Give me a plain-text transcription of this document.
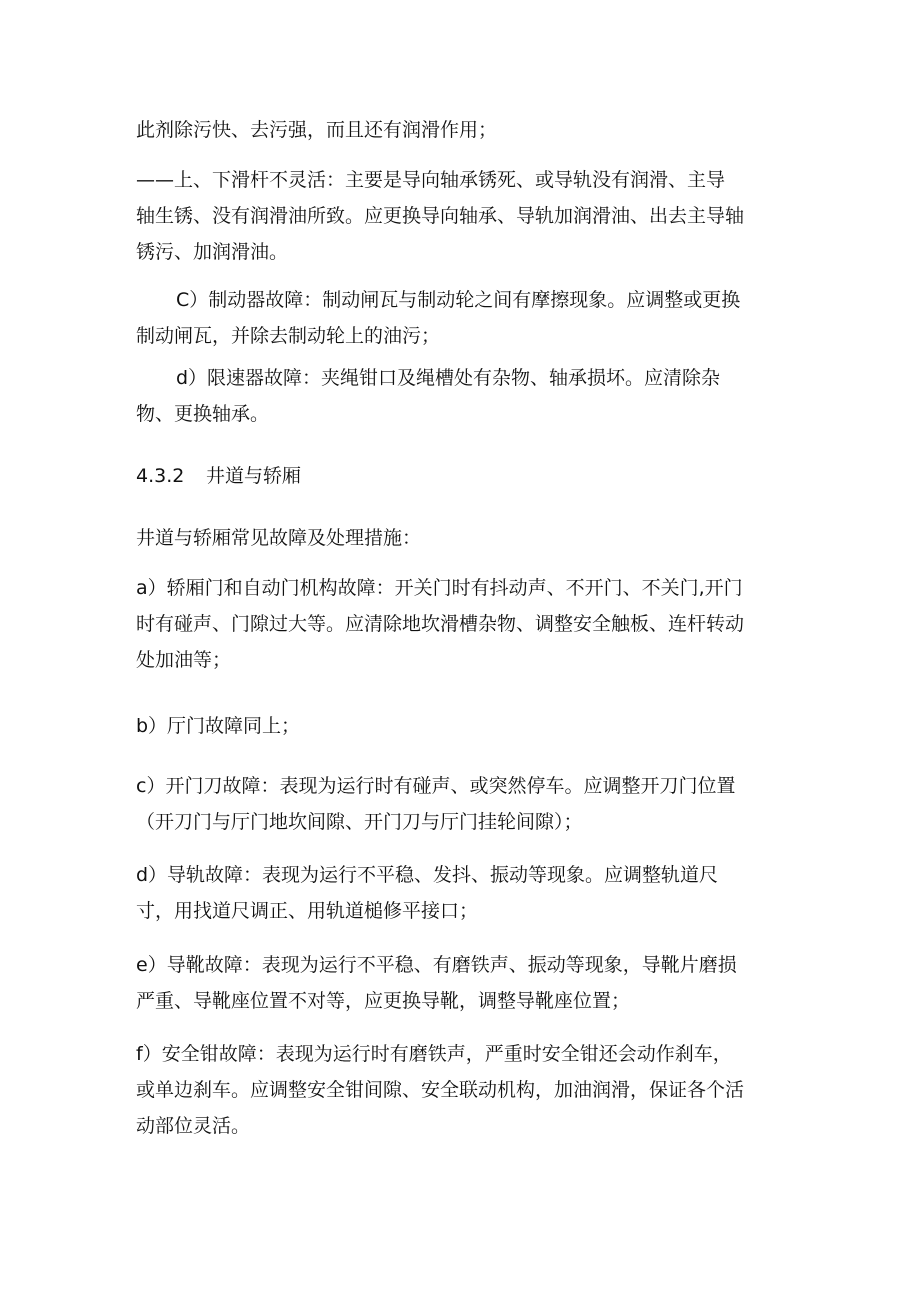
此剂除污快、去污强，而且还有润滑作用；

——上、下滑杆不灵活：主要是导向轴承锈死、或导轨没有润滑、主导
轴生锈、没有润滑油所致。应更换导向轴承、导轨加润滑油、出去主导轴
锈污、加润滑油。

C）制动器故障：制动闸瓦与制动轮之间有摩擦现象。应调整或更换
制动闸瓦，并除去制动轮上的油污；

d）限速器故障：夹绳钳口及绳槽处有杂物、轴承损坏。应清除杂
物、更换轴承。

4.3.2 井道与轿厢

井道与轿厢常见故障及处理措施：

a）轿厢门和自动门机构故障：开关门时有抖动声、不开门、不关门,开门
时有碰声、门隙过大等。应清除地坎滑槽杂物、调整安全触板、连杆转动
处加油等；

b）厅门故障同上；

c）开门刀故障：表现为运行时有碰声、或突然停车。应调整开刀门位置
（开刀门与厅门地坎间隙、开门刀与厅门挂轮间隙）；

d）导轨故障：表现为运行不平稳、发抖、振动等现象。应调整轨道尺
寸，用找道尺调正、用轨道槌修平接口；

e）导靴故障：表现为运行不平稳、有磨铁声、振动等现象，导靴片磨损
严重、导靴座位置不对等，应更换导靴，调整导靴座位置；

f）安全钳故障：表现为运行时有磨铁声，严重时安全钳还会动作刹车，
或单边刹车。应调整安全钳间隙、安全联动机构，加油润滑，保证各个活
动部位灵活。
